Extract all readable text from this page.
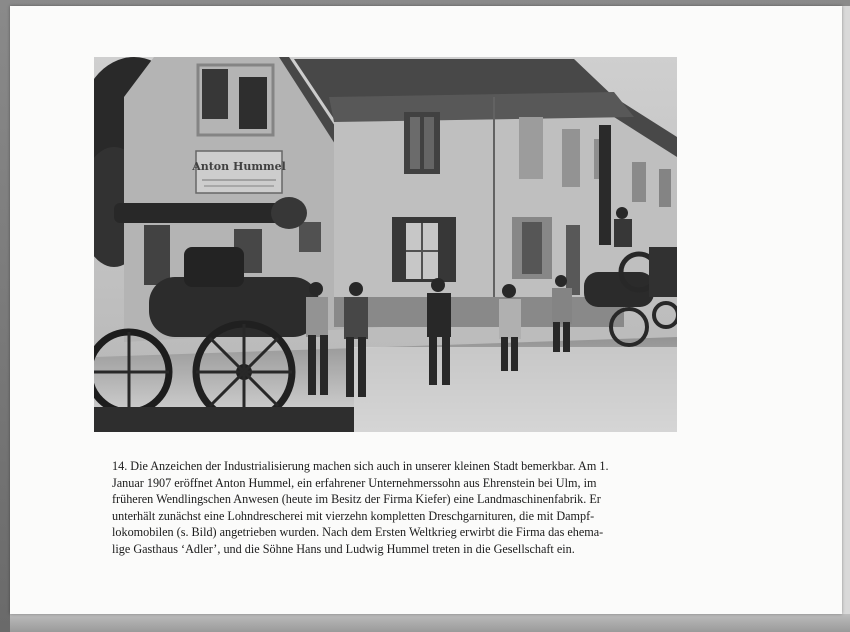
Anton Hummel
14. Die Anzeichen der Industrialisierung machen sich auch in unserer kleinen Stadt bemerkbar. Am 1.
Januar 1907 eröffnet Anton Hummel, ein erfahrener Unternehmerssohn aus Ehrenstein bei Ulm, im
früheren Wendlingschen Anwesen (heute im Besitz der Firma Kiefer) eine Landmaschinenfabrik. Er
unterhält zunächst eine Lohndrescherei mit vierzehn kompletten Dreschgarnituren, die mit Dampf-
lokomobilen (s. Bild) angetrieben wurden. Nach dem Ersten Weltkrieg erwirbt die Firma das ehema-
lige Gasthaus ‘Adler’, und die Söhne Hans und Ludwig Hummel treten in die Gesellschaft ein.
